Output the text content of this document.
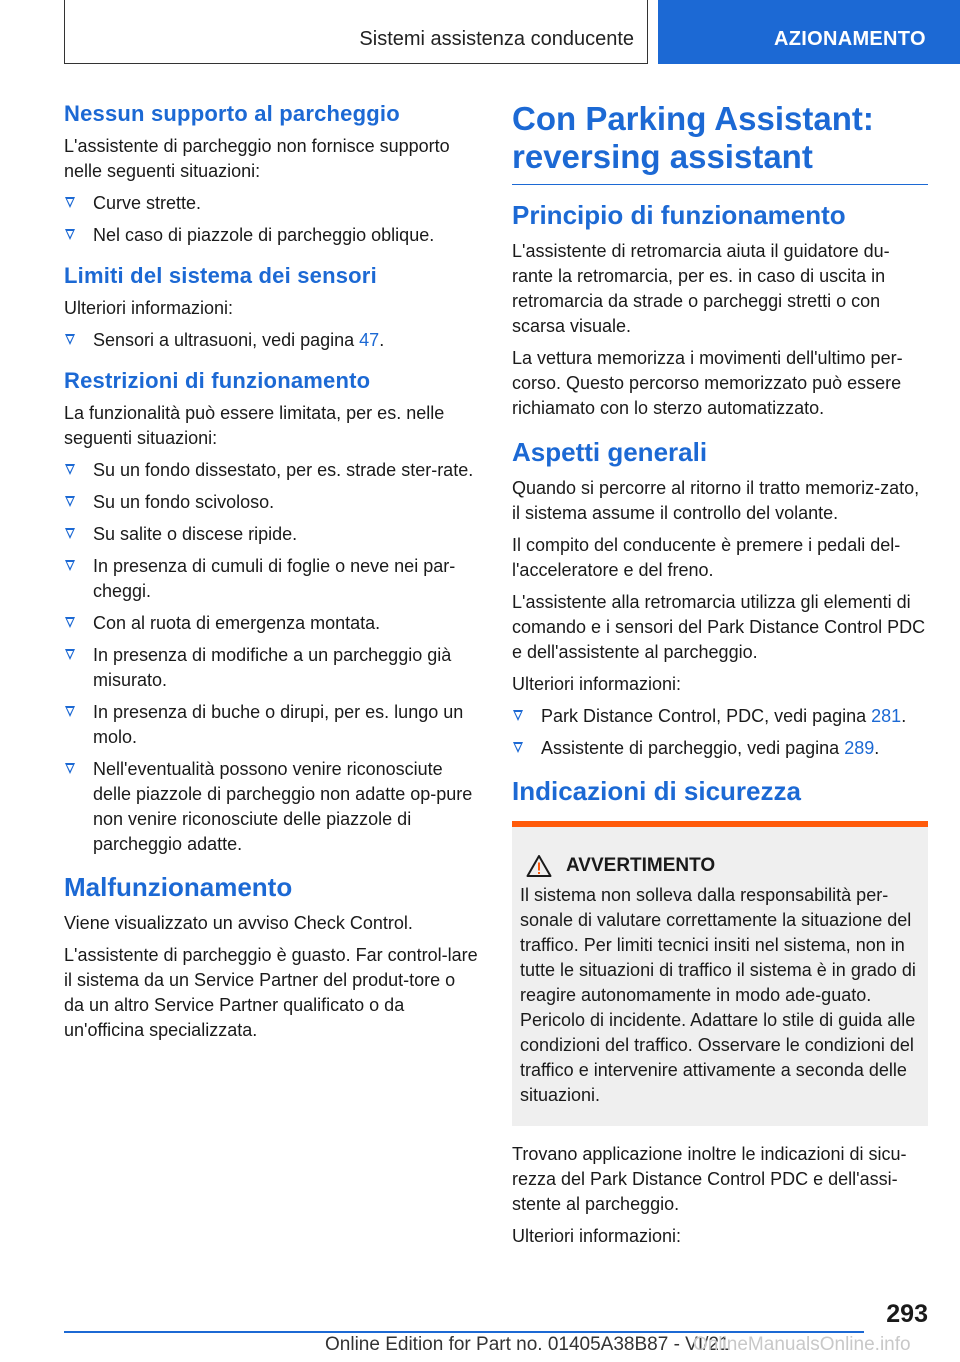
Sistemi assistenza conducente	AZIONAMENTO
Nessun supporto al parcheggio

L'assistente di parcheggio non fornisce supporto nelle seguenti situazioni:

Curve strette.
Nel caso di piazzole di parcheggio oblique.
Limiti del sistema dei sensori

Ulteriori informazioni:

Sensori a ultrasuoni, vedi pagina 47.
Restrizioni di funzionamento

La funzionalità può essere limitata, per es. nelle seguenti situazioni:

Su un fondo dissestato, per es. strade ster-rate.
Su un fondo scivoloso.
Su salite o discese ripide.
In presenza di cumuli di foglie o neve nei par-cheggi.
Con al ruota di emergenza montata.
In presenza di modifiche a un parcheggio già misurato.
In presenza di buche o dirupi, per es. lungo un molo.
Nell'eventualità possono venire riconosciute delle piazzole di parcheggio non adatte op-pure non venire riconosciute delle piazzole di parcheggio adatte.
Malfunzionamento

Viene visualizzato un avviso Check Control.

L'assistente di parcheggio è guasto. Far control-lare il sistema da un Service Partner del produt-tore o da un altro Service Partner qualificato o da un'officina specializzata.

Con Parking Assistant: reversing assistant
Principio di funzionamento

L'assistente di retromarcia aiuta il guidatore du-rante la retromarcia, per es. in caso di uscita in retromarcia da strade o parcheggi stretti o con scarsa visuale.

La vettura memorizza i movimenti dell'ultimo per-corso. Questo percorso memorizzato può essere richiamato con lo sterzo automatizzato.

Aspetti generali

Quando si percorre al ritorno il tratto memoriz-zato, il sistema assume il controllo del volante.

Il compito del conducente è premere i pedali del-l'acceleratore e del freno.

L'assistente alla retromarcia utilizza gli elementi di comando e i sensori del Park Distance Control PDC e dell'assistente al parcheggio.

Ulteriori informazioni:

Park Distance Control, PDC, vedi pagina 281.
Assistente di parcheggio, vedi pagina 289.
Indicazioni di sicurezza
AVVERTIMENTO

Il sistema non solleva dalla responsabilità per-sonale di valutare correttamente la situazione del traffico. Per limiti tecnici insiti nel sistema, non in tutte le situazioni di traffico il sistema è in grado di reagire autonomamente in modo ade-guato. Pericolo di incidente. Adattare lo stile di guida alle condizioni del traffico. Osservare le condizioni del traffico e intervenire attivamente a seconda delle situazioni.

Trovano applicazione inoltre le indicazioni di sicu-rezza del Park Distance Control PDC e dell'assi-stente al parcheggio.

Ulteriori informazioni:

293
Online Edition for Part no. 01405A38B87 - VI/21
OnlineManualsOnline.info
